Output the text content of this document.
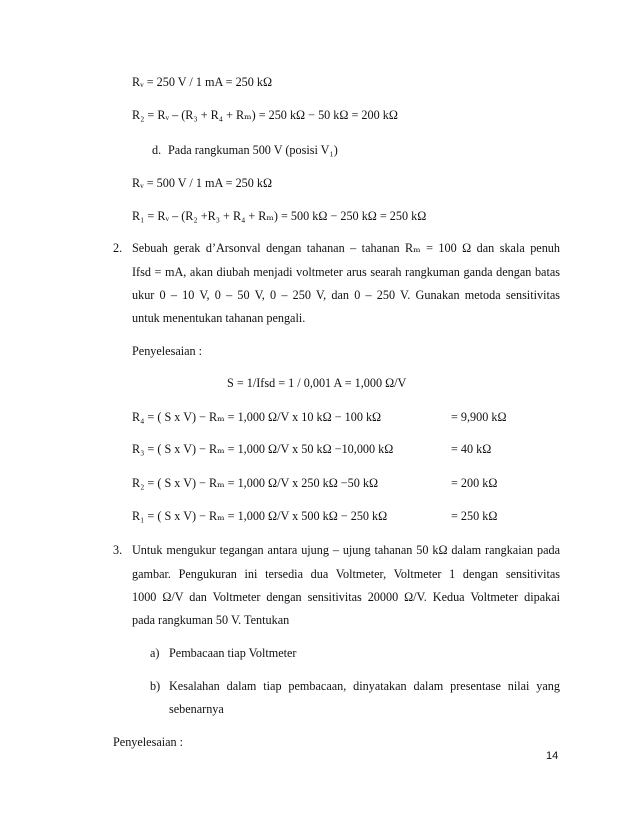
Rᵥ = 250 V / 1 mA = 250 kΩ
R₂ = Rᵥ – (R₃ + R₄ + Rₘ) = 250 kΩ − 50 kΩ = 200 kΩ
d. Pada rangkuman 500 V (posisi V₁)
Rᵥ = 500 V / 1 mA = 250 kΩ
R₁ = Rᵥ – (R₂ +R₃ + R₄ + Rₘ) = 500 kΩ − 250 kΩ = 250 kΩ
2. Sebuah gerak d’Arsonval dengan tahanan – tahanan Rₘ = 100 Ω dan skala penuh
Ifsd = mA, akan diubah menjadi voltmeter arus searah rangkuman ganda dengan batas
ukur 0 – 10 V, 0 – 50 V, 0 – 250 V, dan 0 – 250 V. Gunakan metoda sensitivitas
untuk menentukan tahanan pengali.
Penyelesaian :
S = 1/Ifsd = 1 / 0,001 A = 1,000 Ω/V
R₄ = ( S x V) − Rₘ = 1,000 Ω/V x 10 kΩ − 100 kΩ	= 9,900 kΩ
R₃ = ( S x V) − Rₘ = 1,000 Ω/V x 50 kΩ −10,000 kΩ	= 40 kΩ
R₂ = ( S x V) − Rₘ = 1,000 Ω/V x 250 kΩ −50 kΩ	= 200 kΩ
R₁ = ( S x V) − Rₘ = 1,000 Ω/V x 500 kΩ − 250 kΩ	= 250 kΩ
3. Untuk mengukur tegangan antara ujung – ujung tahanan 50 kΩ dalam rangkaian pada
gambar. Pengukuran ini tersedia dua Voltmeter, Voltmeter 1 dengan sensitivitas
1000 Ω/V dan Voltmeter dengan sensitivitas 20000 Ω/V. Kedua Voltmeter dipakai
pada rangkuman 50 V. Tentukan
a) Pembacaan tiap Voltmeter
b) Kesalahan dalam tiap pembacaan, dinyatakan dalam presentase nilai yang
sebenarnya
Penyelesaian :
14
